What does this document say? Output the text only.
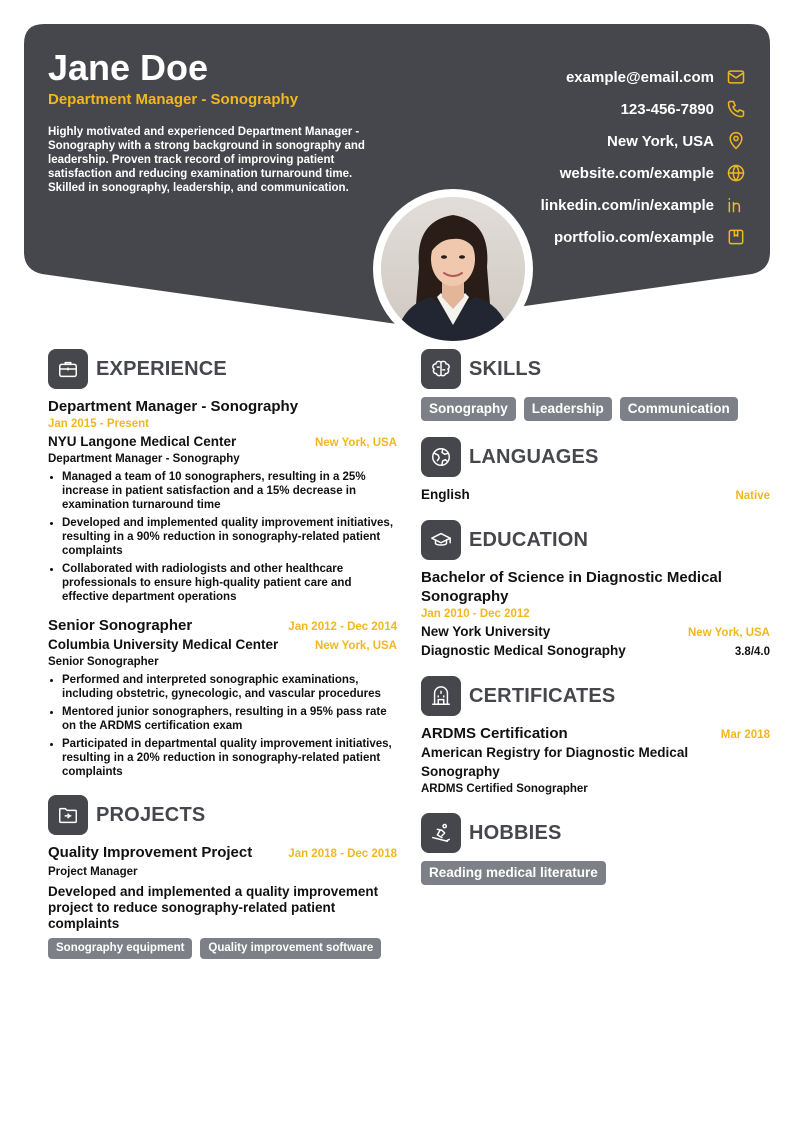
Jane Doe
Department Manager - Sonography
Highly motivated and experienced Department Manager - Sonography with a strong background in sonography and leadership. Proven track record of improving patient satisfaction and reducing examination turnaround time. Skilled in sonography, leadership, and communication.
example@email.com
123-456-7890
New York, USA
website.com/example
linkedin.com/in/example
portfolio.com/example
EXPERIENCE
Department Manager - Sonography
Jan 2015 - Present
NYU Langone Medical Center	New York, USA
Department Manager - Sonography
Managed a team of 10 sonographers, resulting in a 25% increase in patient satisfaction and a 15% decrease in examination turnaround time
Developed and implemented quality improvement initiatives, resulting in a 90% reduction in sonography-related patient complaints
Collaborated with radiologists and other healthcare professionals to ensure high-quality patient care and effective department operations
Senior Sonographer	Jan 2012 - Dec 2014
Columbia University Medical Center	New York, USA
Senior Sonographer
Performed and interpreted sonographic examinations, including obstetric, gynecologic, and vascular procedures
Mentored junior sonographers, resulting in a 95% pass rate on the ARDMS certification exam
Participated in departmental quality improvement initiatives, resulting in a 20% reduction in sonography-related patient complaints
PROJECTS
Quality Improvement Project	Jan 2018 - Dec 2018
Project Manager
Developed and implemented a quality improvement project to reduce sonography-related patient complaints
Sonography equipment	Quality improvement software
SKILLS
Sonography	Leadership	Communication
LANGUAGES
English	Native
EDUCATION
Bachelor of Science in Diagnostic Medical Sonography
Jan 2010 - Dec 2012
New York University	New York, USA
Diagnostic Medical Sonography	3.8/4.0
CERTIFICATES
ARDMS Certification	Mar 2018
American Registry for Diagnostic Medical Sonography
ARDMS Certified Sonographer
HOBBIES
Reading medical literature
